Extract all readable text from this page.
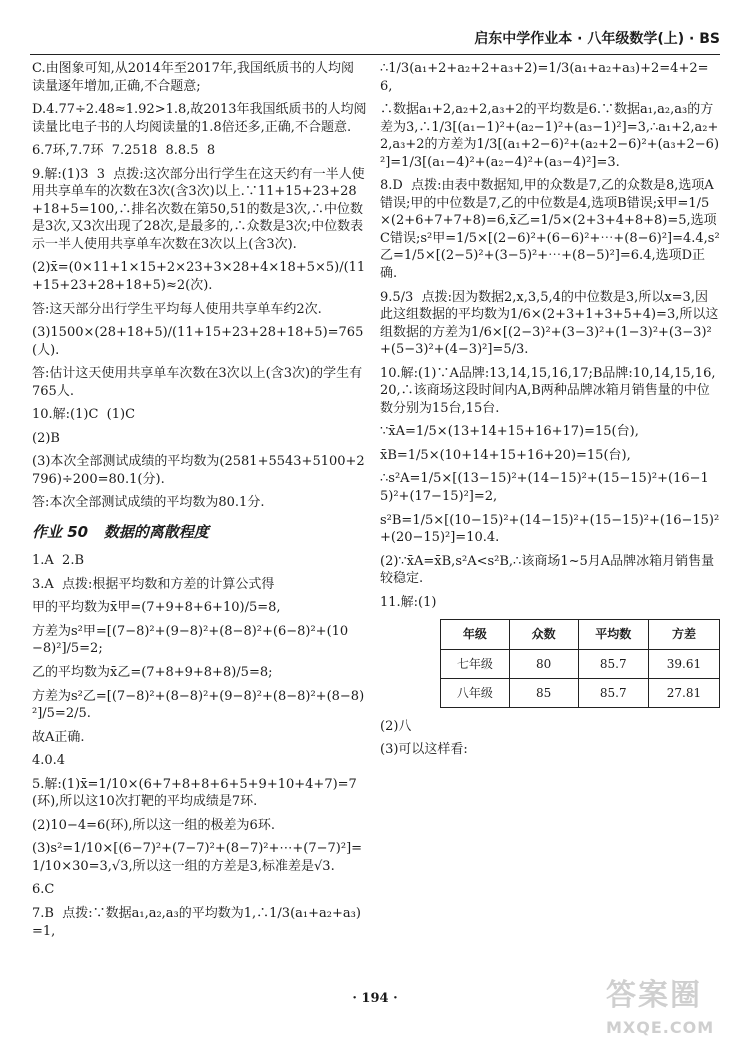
启东中学作业本 · 八年级数学(上) · BS
C.由图象可知,从2014年至2017年,我国纸质书的人均阅读量逐年增加,正确,不合题意;
D.4.77÷2.48≈1.92>1.8,故2013年我国纸质书的人均阅读量比电子书的人均阅读量的1.8倍还多,正确,不合题意.
6.7环,7.7环  7.2518  8.8.5  8
9.解:(1)3  3  点拨:这次部分出行学生在这天约有一半人使用共享单车的次数在3次(含3次)以上.∵11+15+23+28+18+5=100,∴排名次数在第50,51的数是3次,∴中位数是3次,又3次出现了28次,是最多的,∴众数是3次;中位数表示一半人使用共享单车次数在3次以上(含3次).
(2)x̄=(0×11+1×15+2×23+3×28+4×18+5×5)/(11+15+23+28+18+5)≈2(次).
答:这天部分出行学生平均每人使用共享单车约2次.
(3)1500×(28+18+5)/(11+15+23+28+18+5)=765(人).
答:估计这天使用共享单车次数在3次以上(含3次)的学生有765人.
10.解:(1)C  (1)C
(2)B
(3)本次全部测试成绩的平均数为(2581+5543+5100+2796)÷200=80.1(分).
答:本次全部测试成绩的平均数为80.1分.
作业 50 数据的离散程度
1.A  2.B
3.A  点拨:根据平均数和方差的计算公式得
甲的平均数为x̄甲=(7+9+8+6+10)/5=8,
方差为s²甲=[(7−8)²+(9−8)²+(8−8)²+(6−8)²+(10−8)²]/5=2;
乙的平均数为x̄乙=(7+8+9+8+8)/5=8;
方差为s²乙=[(7−8)²+(8−8)²+(9−8)²+(8−8)²+(8−8)²]/5=2/5.
故A正确.
4.0.4
5.解:(1)x̄=1/10×(6+7+8+8+6+5+9+10+4+7)=7(环),所以这10次打靶的平均成绩是7环.
(2)10−4=6(环),所以这一组的极差为6环.
(3)s²=1/10×[(6−7)²+(7−7)²+(8−7)²+⋯+(7−7)²]=1/10×30=3,√3,所以这一组的方差是3,标准差是√3.
6.C
7.B  点拨:∵数据a₁,a₂,a₃的平均数为1,∴1/3(a₁+a₂+a₃)=1,
∴1/3(a₁+2+a₂+2+a₃+2)=1/3(a₁+a₂+a₃)+2=4+2=6,
∴数据a₁+2,a₂+2,a₃+2的平均数是6.∵数据a₁,a₂,a₃的方差为3,∴1/3[(a₁−1)²+(a₂−1)²+(a₃−1)²]=3,∴a₁+2,a₂+2,a₃+2的方差为1/3[(a₁+2−6)²+(a₂+2−6)²+(a₃+2−6)²]=1/3[(a₁−4)²+(a₂−4)²+(a₃−4)²]=3.
8.D  点拨:由表中数据知,甲的众数是7,乙的众数是8,选项A错误;甲的中位数是7,乙的中位数是4,选项B错误;x̄甲=1/5×(2+6+7+7+8)=6,x̄乙=1/5×(2+3+4+8+8)=5,选项C错误;s²甲=1/5×[(2−6)²+(6−6)²+⋯+(8−6)²]=4.4,s²乙=1/5×[(2−5)²+(3−5)²+⋯+(8−5)²]=6.4,选项D正确.
9.5/3  点拨:因为数据2,x,3,5,4的中位数是3,所以x=3,因此这组数据的平均数为1/6×(2+3+1+3+5+4)=3,所以这组数据的方差为1/6×[(2−3)²+(3−3)²+(1−3)²+(3−3)²+(5−3)²+(4−3)²]=5/3.
10.解:(1)∵A品牌:13,14,15,16,17;B品牌:10,14,15,16,20,∴该商场这段时间内A,B两种品牌冰箱月销售量的中位数分别为15台,15台.
∵x̄A=1/5×(13+14+15+16+17)=15(台),
x̄B=1/5×(10+14+15+16+20)=15(台),
∴s²A=1/5×[(13−15)²+(14−15)²+(15−15)²+(16−15)²+(17−15)²]=2,
s²B=1/5×[(10−15)²+(14−15)²+(15−15)²+(16−15)²+(20−15)²]=10.4.
(2)∵x̄A=x̄B,s²A<s²B,∴该商场1~5月A品牌冰箱月销售量较稳定.
11.解:(1)
年级	众数	平均数	方差
七年级	80	85.7	39.61
八年级	85	85.7	27.81
(2)八
(3)可以这样看:
· 194 ·	答案圈
MXQE.COM
